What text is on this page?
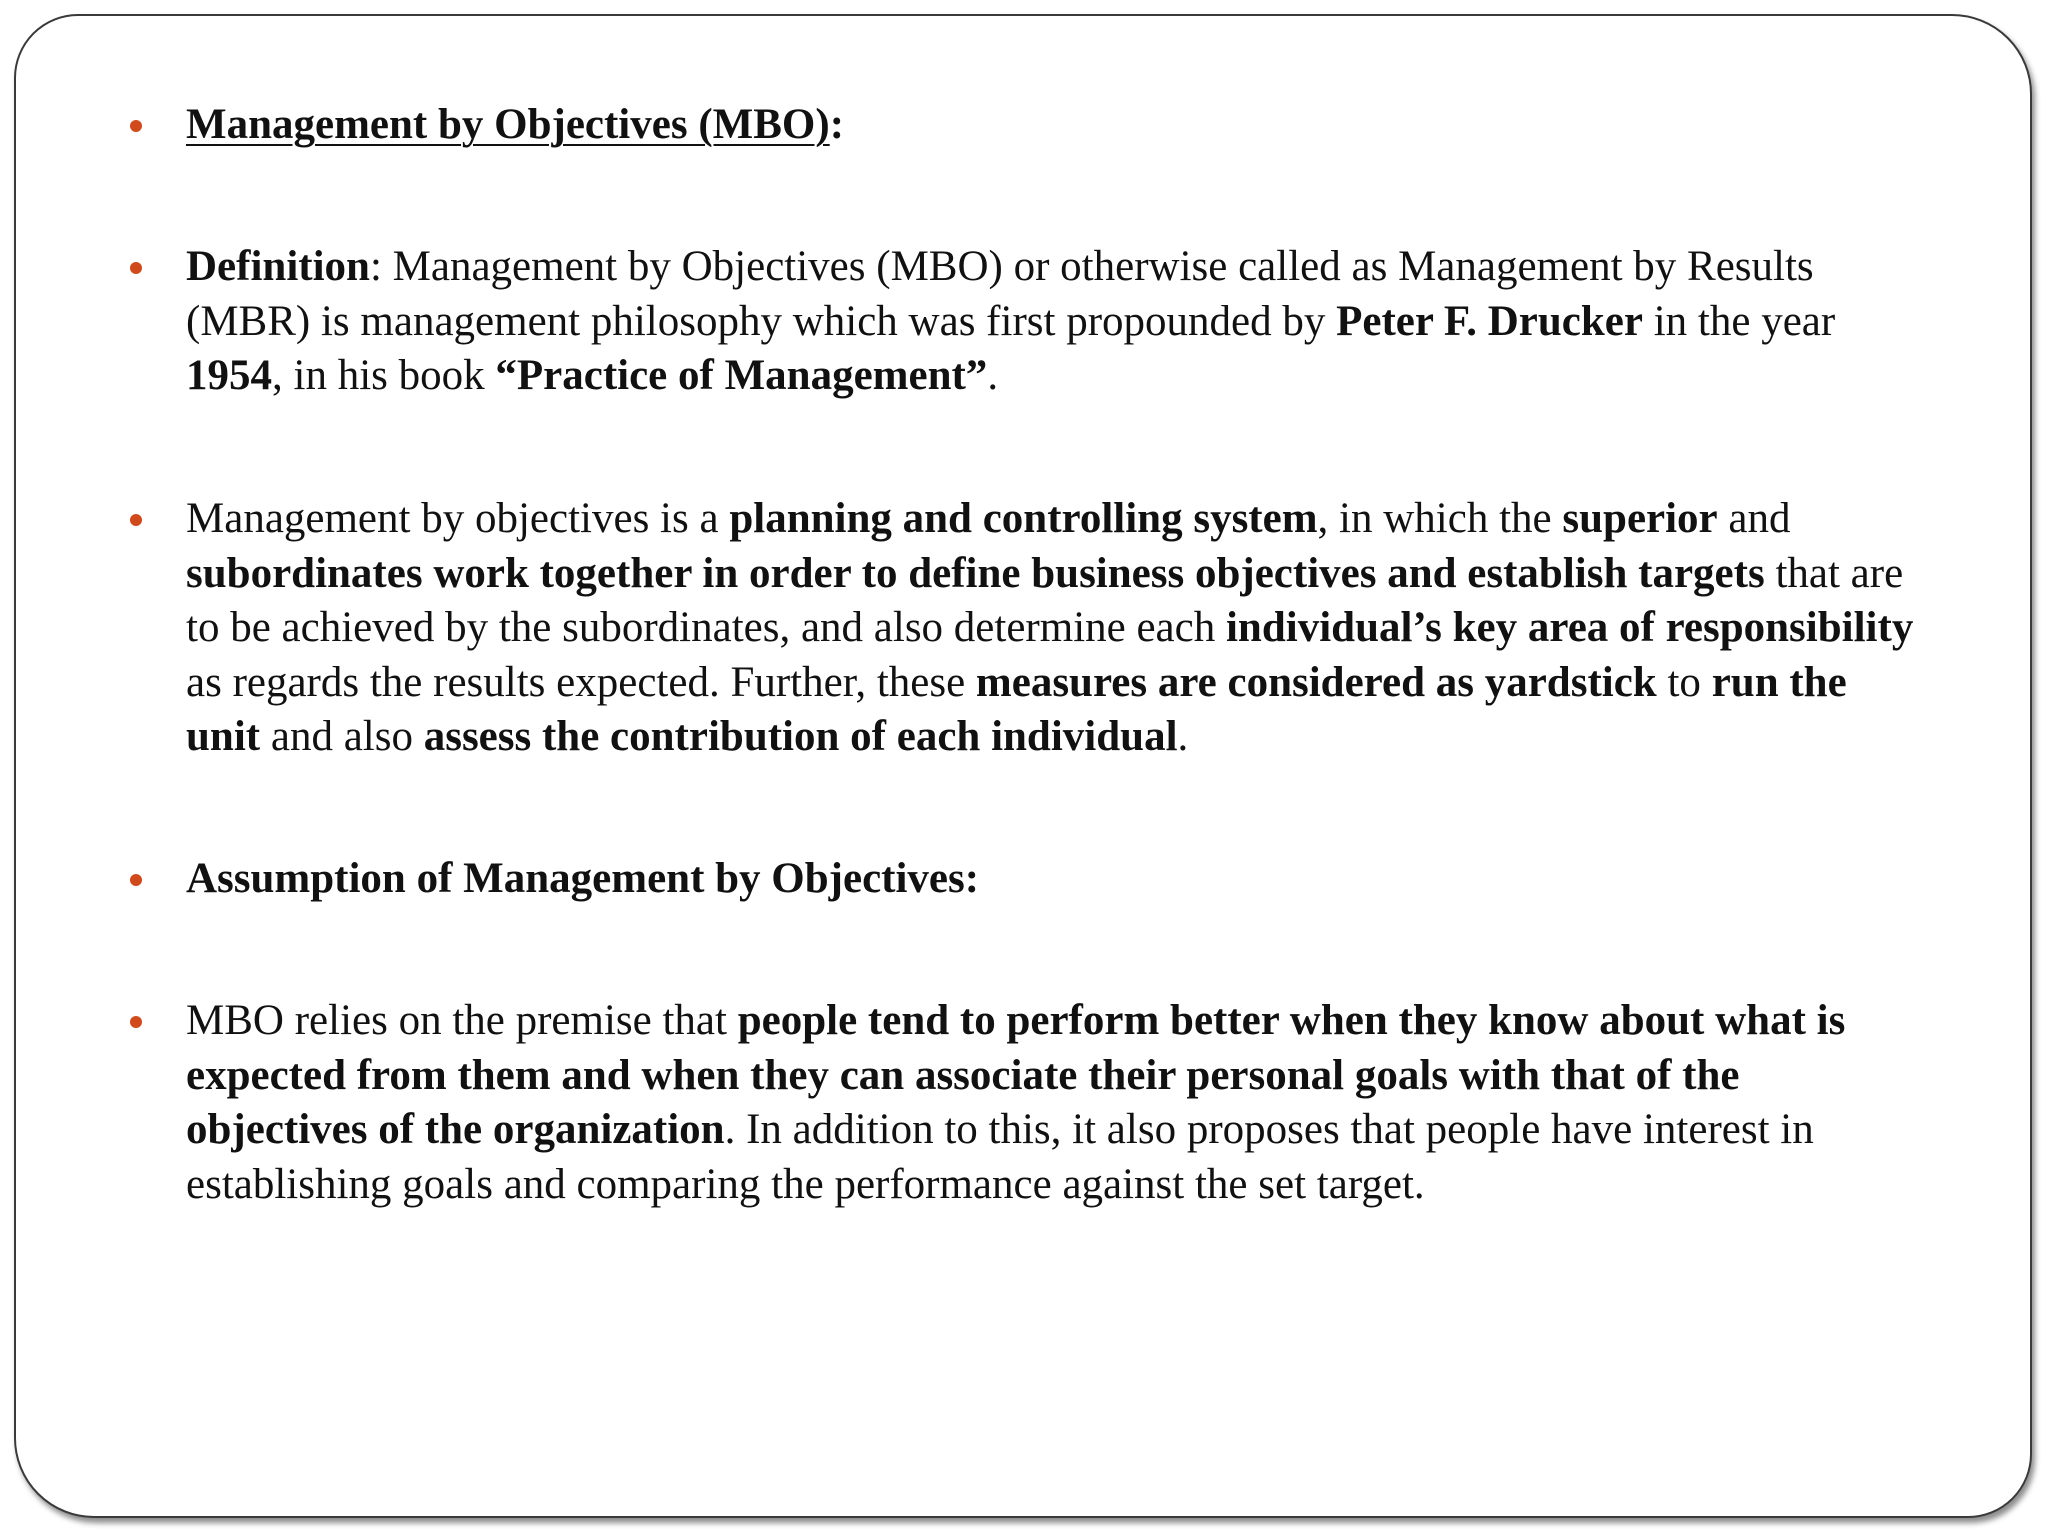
Management by Objectives (MBO):
Definition: Management by Objectives (MBO) or otherwise called as Management by Results (MBR) is management philosophy which was first propounded by Peter F. Drucker in the year 1954, in his book “Practice of Management”.
Management by objectives is a planning and controlling system, in which the superior and subordinates work together in order to define business objectives and establish targets that are to be achieved by the subordinates, and also determine each individual’s key area of responsibility as regards the results expected. Further, these measures are considered as yardstick to run the unit and also assess the contribution of each individual.
Assumption of Management by Objectives:
MBO relies on the premise that people tend to perform better when they know about what is expected from them and when they can associate their personal goals with that of the objectives of the organization. In addition to this, it also proposes that people have interest in establishing goals and comparing the performance against the set target.
